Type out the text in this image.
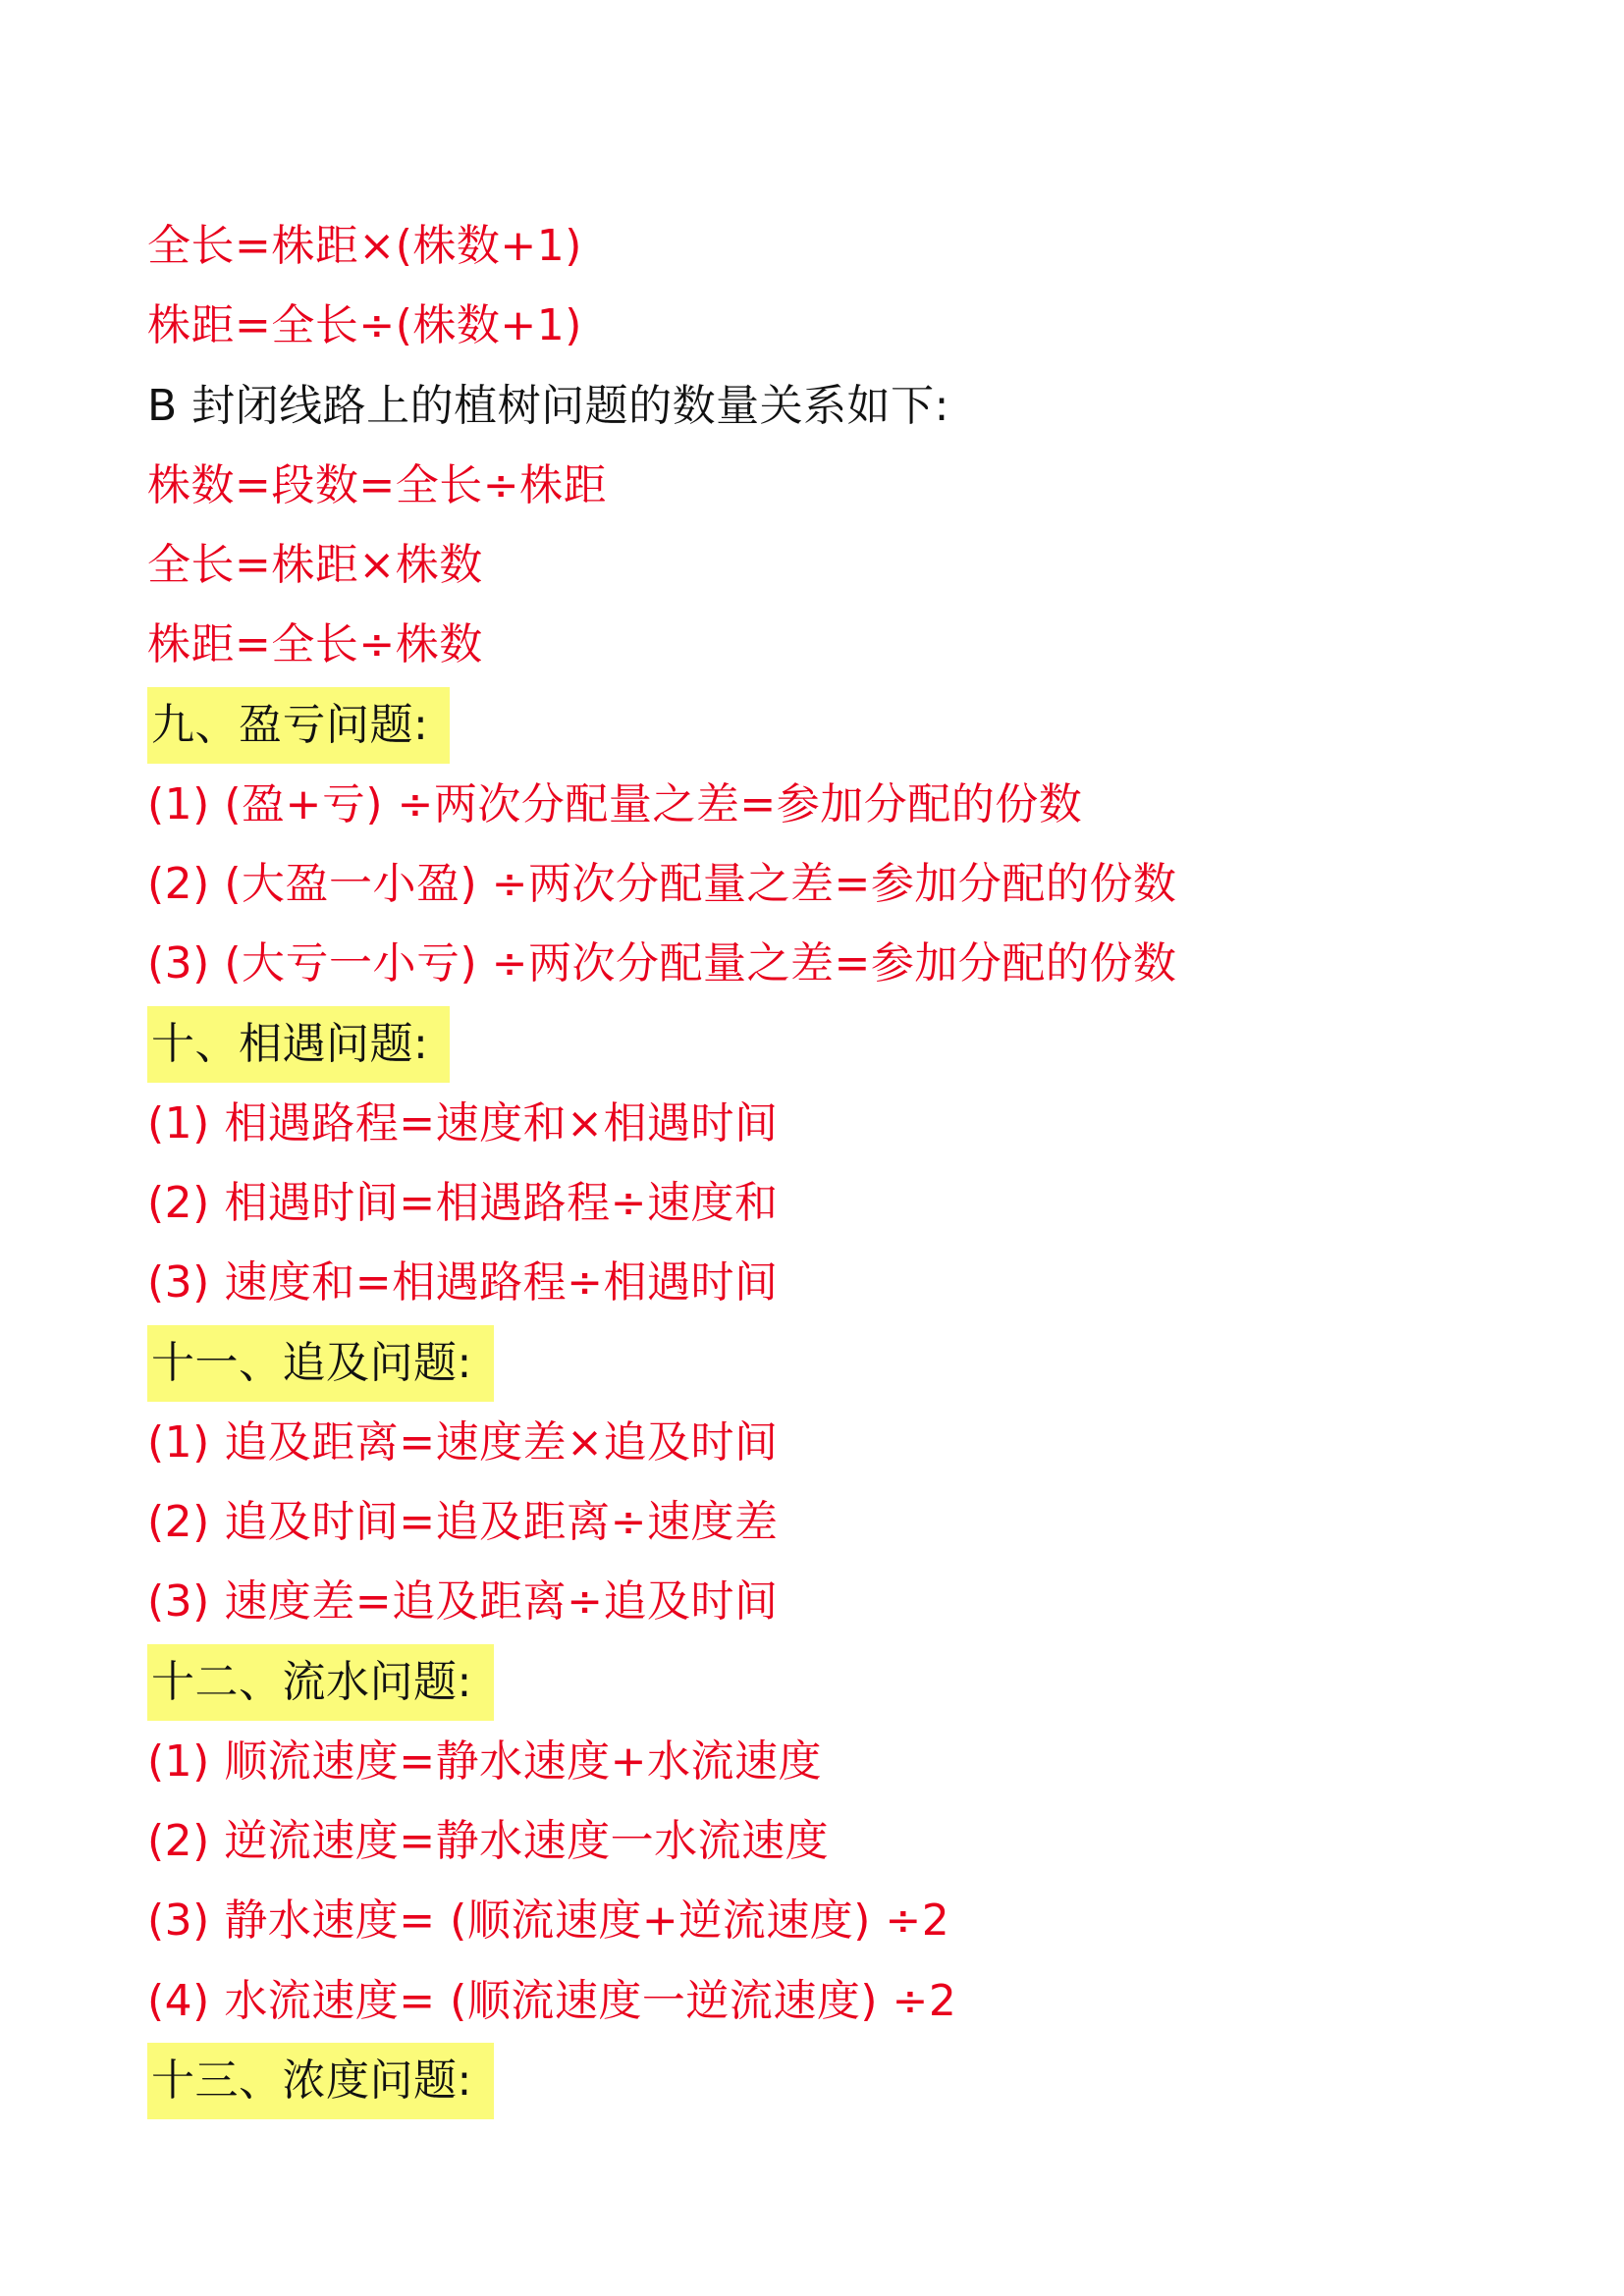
全长=株距×(株数+1)
株距=全长÷(株数+1)
B 封闭线路上的植树问题的数量关系如下:
株数=段数=全长÷株距
全长=株距×株数
株距=全长÷株数
九、盈亏问题:
(1) (盈+亏) ÷两次分配量之差=参加分配的份数
(2) (大盈一小盈) ÷两次分配量之差=参加分配的份数
(3) (大亏一小亏) ÷两次分配量之差=参加分配的份数
十、相遇问题:
(1) 相遇路程=速度和×相遇时间
(2) 相遇时间=相遇路程÷速度和
(3) 速度和=相遇路程÷相遇时间
十一、追及问题:
(1) 追及距离=速度差×追及时间
(2) 追及时间=追及距离÷速度差
(3) 速度差=追及距离÷追及时间
十二、流水问题:
(1) 顺流速度=静水速度+水流速度
(2) 逆流速度=静水速度一水流速度
(3) 静水速度= (顺流速度+逆流速度) ÷2
(4) 水流速度= (顺流速度一逆流速度) ÷2
十三、浓度问题:
